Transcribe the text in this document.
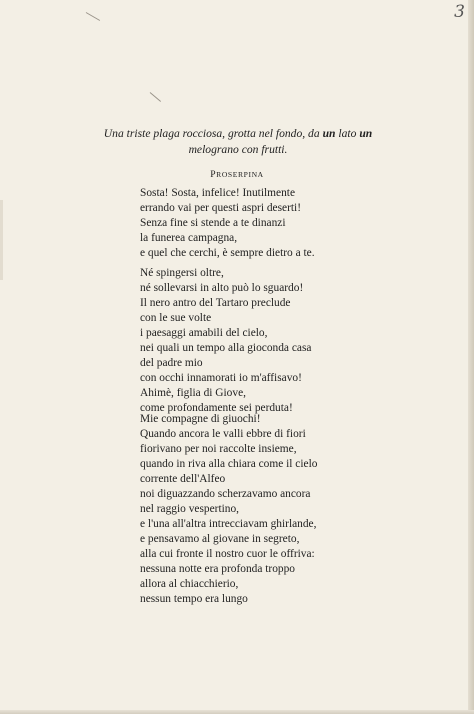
3
Una triste plaga rocciosa, grotta nel fondo, da un lato un
melograno con frutti.
PROSERPINA
Sosta! Sosta, infelice! Inutilmente
errando vai per questi aspri deserti!
Senza fine si stende a te dinanzi
la funerea campagna,
e quel che cerchi, è sempre dietro a te.
Né spingersi oltre,
né sollevarsi in alto può lo sguardo!
Il nero antro del Tartaro preclude
con le sue volte
i paesaggi amabili del cielo,
nei quali un tempo alla gioconda casa
del padre mio
con occhi innamorati io m'affisavo!
Ahimè, figlia di Giove,
come profondamente sei perduta!
Mie compagne di giuochi!
Quando ancora le valli ebbre di fiori
fiorivano per noi raccolte insieme,
quando in riva alla chiara come il cielo
corrente dell'Alfeo
noi diguazzando scherzavamo ancora
nel raggio vespertino,
e l'una all'altra intrecciavam ghirlande,
e pensavamo al giovane in segreto,
alla cui fronte il nostro cuor le offriva:
nessuna notte era profonda troppo
allora al chiacchierio,
nessun tempo era lungo
